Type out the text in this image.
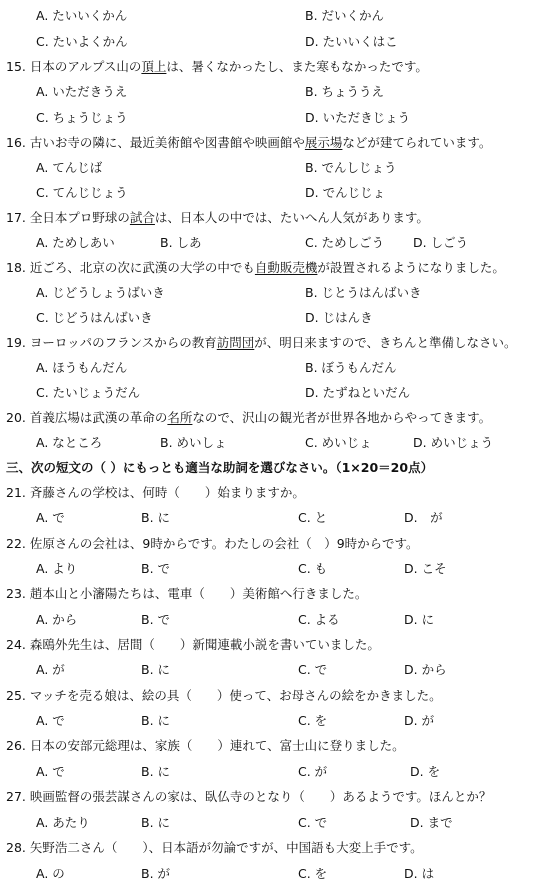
A. たいいくかん	B. だいくかん
C. たいよくかん	D. たいいくはこ
15. 日本のアルプス山の頂上は、暑くなかったし、また寒もなかったです。
A. いただきうえ	B. ちょううえ
C. ちょうじょう	D. いただきじょう
16. 古いお寺の隣に、最近美術館や図書館や映画館や展示場などが建てられています。
A. てんじば	B. でんしじょう
C. てんじじょう	D. でんじじょ
17. 全日本プロ野球の試合は、日本人の中では、たいへん人気があります。
A. ためしあい	B. しあ	C. ためしごう D. しごう
18. 近ごろ、北京の次に武漢の大学の中でも自動販売機が設置されるようになりました。
A. じどうしょうばいき	B. じとうはんばいき
C. じどうはんばいき	D. じはんき
19. ヨーロッパのフランスからの教育訪問団が、明日来ますので、きちんと準備しなさい。
A. ほうもんだん	B. ぼうもんだん
C. たいじょうだん	D. たずねといだん
20. 首義広場は武漢の革命の名所なので、沢山の観光者が世界各地からやってきます。
A. なところ	B. めいしょ	C. めいじょ	D. めいじょう
三、次の短文の（ ）にもっとも適当な助詞を選びなさい。（1×20＝20点）
21. 斉藤さんの学校は、何時（　　）始まりますか。
A. で	B. に	C. と	D.　が
22. 佐原さんの会社は、9時からです。わたしの会社（　）9時からです。
A. より	B. で	C. も	D. こそ
23. 趙本山と小瀋陽たちは、電車（　　）美術館へ行きました。
A. から	B. で	C. よる	D. に
24. 森鴎外先生は、居間（　　）新聞連載小説を書いていました。
A. が	B. に	C. で	D. から
25. マッチを売る娘は、絵の具（　　）使って、お母さんの絵をかきました。
A. で	B. に	C. を	D. が
26. 日本の安部元総理は、家族（　　）連れて、富士山に登りました。
A. で	B. に	C. が	D. を
27. 映画監督の張芸謀さんの家は、臥仏寺のとなり（　　）あるようです。ほんとか？
A. あたり	B. に	C. で	D. まで
28. 矢野浩二さん（　　）、日本語が勿論ですが、中国語も大変上手です。
A. の	B. が	C. を	D. は
